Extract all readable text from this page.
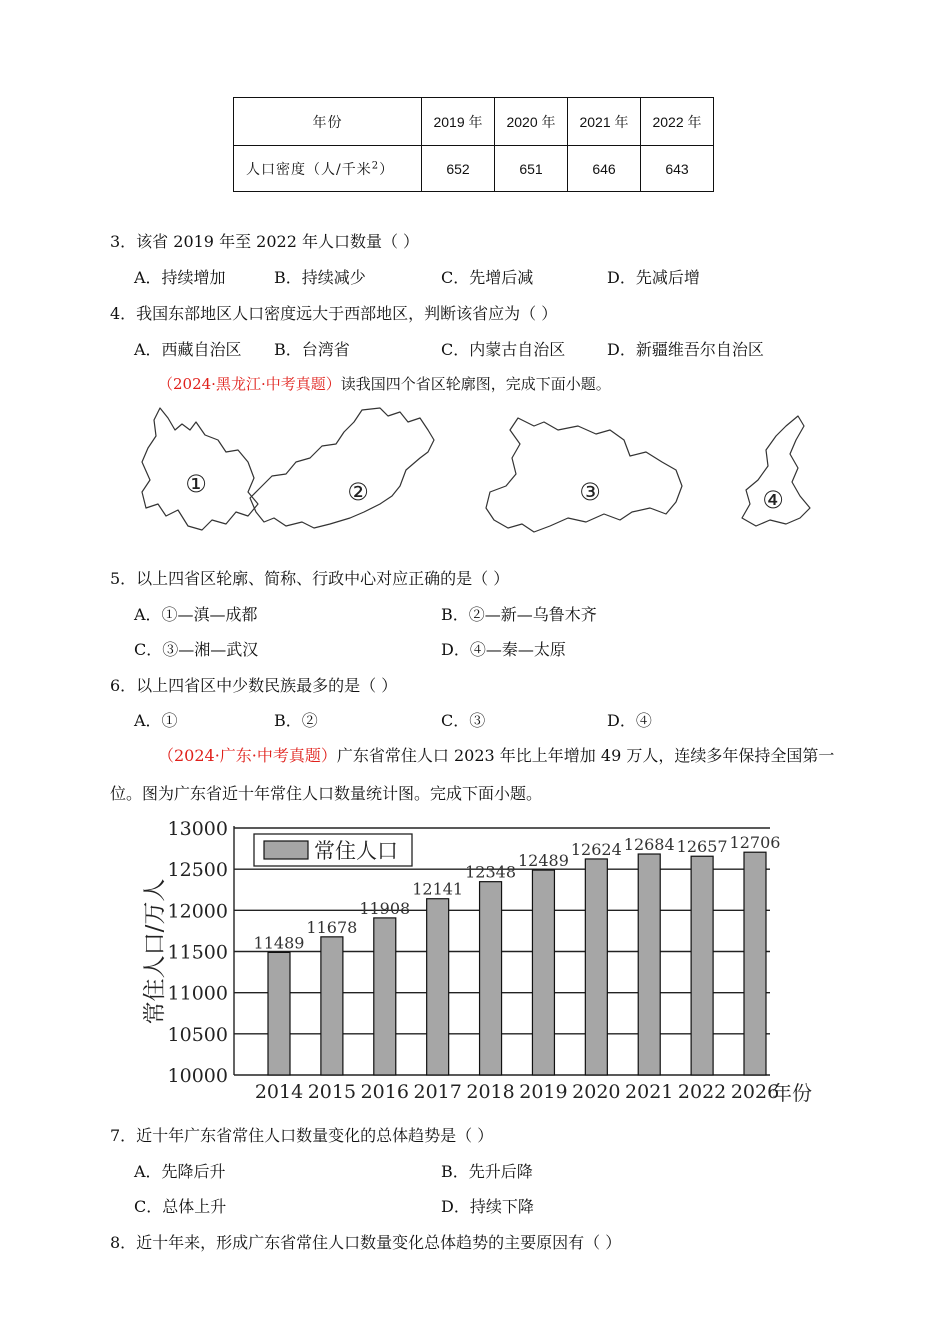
年份	2019 年	2020 年	2021 年	2022 年
人口密度（人/千米$^2$）	652	651	646	643
3．该省 2019 年至 2022 年人口数量（ ）
A．持续增加	B．持续减少	C．先增后减	D．先减后增
4．我国东部地区人口密度远大于西部地区，判断该省应为（ ）
A．西藏自治区 B．台湾省	C．内蒙古自治区	D．新疆维吾尔自治区
（2024·黑龙江·中考真题）读我国四个省区轮廓图，完成下面小题。
①	②	③	④
5．以上四省区轮廓、简称、行政中心对应正确的是（ ）
A．①—滇—成都	B．②—新—乌鲁木齐
C．③—湘—武汉	D．④—秦—太原
6．以上四省区中少数民族最多的是（ ）
A．①	B．②	C．③	D．④
（2024·广东·中考真题）广东省常住人口 2023 年比上年增加 49 万人，连续多年保持全国第一
位。图为广东省近十年常住人口数量统计图。完成下面小题。
11489
11678
11908
12141
12348
12489
12624 12684 12657 12706
10000
10500
11000
11500
12000
12500
13000
2014 2015 2016 2017 2018 2019 2020 2021 2022 2026
常住人口/万人
年份
常住人口
7．近十年广东省常住人口数量变化的总体趋势是（ ）
A．先降后升	B．先升后降
C．总体上升	D．持续下降
8．近十年来，形成广东省常住人口数量变化总体趋势的主要原因有（ ）
